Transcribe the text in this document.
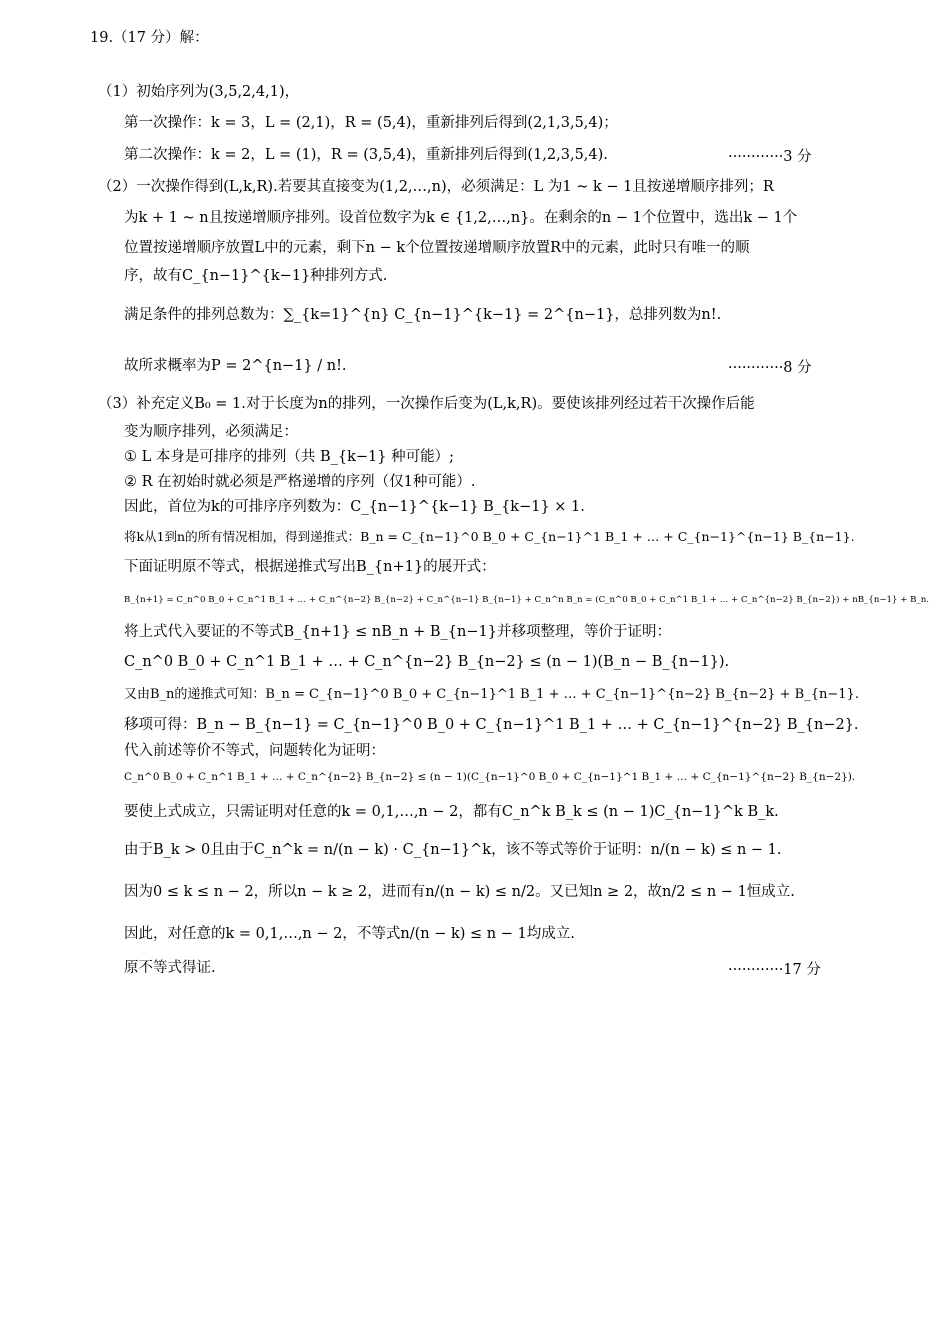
19.（17 分）解：
（1）初始序列为(3,5,2,4,1)，
第一次操作：k = 3，L = (2,1)，R = (5,4)，重新排列后得到(2,1,3,5,4)；
第二次操作：k = 2，L = (1)，R = (3,5,4)，重新排列后得到(1,2,3,5,4).	············3 分
（2）一次操作得到(L,k,R).若要其直接变为(1,2,…,n)，必须满足：L 为1 ~ k − 1且按递增顺序排列；R
为k + 1 ~ n且按递增顺序排列。设首位数字为k ∈ {1,2,…,n}。在剩余的n − 1个位置中，选出k − 1个
位置按递增顺序放置L中的元素，剩下n − k个位置按递增顺序放置R中的元素，此时只有唯一的顺
序，故有C_{n−1}^{k−1}种排列方式.
满足条件的排列总数为：∑_{k=1}^{n} C_{n−1}^{k−1} = 2^{n−1}，总排列数为n!.
故所求概率为P = 2^{n−1} / n!.	············8 分
（3）补充定义B₀ = 1.对于长度为n的排列，一次操作后变为(L,k,R)。要使该排列经过若干次操作后能
变为顺序排列，必须满足：
① L 本身是可排序的排列（共 B_{k−1} 种可能）;
② R 在初始时就必须是严格递增的序列（仅1种可能）.
因此，首位为k的可排序序列数为：C_{n−1}^{k−1} B_{k−1} × 1.
将k从1到n的所有情况相加，得到递推式：B_n = C_{n−1}^0 B_0 + C_{n−1}^1 B_1 + … + C_{n−1}^{n−1} B_{n−1}.
下面证明原不等式，根据递推式写出B_{n+1}的展开式：
B_{n+1} = C_n^0 B_0 + C_n^1 B_1 + … + C_n^{n−2} B_{n−2} + C_n^{n−1} B_{n−1} + C_n^n B_n = (C_n^0 B_0 + C_n^1 B_1 + … + C_n^{n−2} B_{n−2}) + nB_{n−1} + B_n.
将上式代入要证的不等式B_{n+1} ≤ nB_n + B_{n−1}并移项整理，等价于证明：
C_n^0 B_0 + C_n^1 B_1 + … + C_n^{n−2} B_{n−2} ≤ (n − 1)(B_n − B_{n−1}).
又由B_n的递推式可知：B_n = C_{n−1}^0 B_0 + C_{n−1}^1 B_1 + … + C_{n−1}^{n−2} B_{n−2} + B_{n−1}.
移项可得：B_n − B_{n−1} = C_{n−1}^0 B_0 + C_{n−1}^1 B_1 + … + C_{n−1}^{n−2} B_{n−2}.
代入前述等价不等式，问题转化为证明：
C_n^0 B_0 + C_n^1 B_1 + … + C_n^{n−2} B_{n−2} ≤ (n − 1)(C_{n−1}^0 B_0 + C_{n−1}^1 B_1 + … + C_{n−1}^{n−2} B_{n−2}).
要使上式成立，只需证明对任意的k = 0,1,…,n − 2，都有C_n^k B_k ≤ (n − 1)C_{n−1}^k B_k.
由于B_k > 0且由于C_n^k = n/(n − k) · C_{n−1}^k，该不等式等价于证明：n/(n − k) ≤ n − 1.
因为0 ≤ k ≤ n − 2，所以n − k ≥ 2，进而有n/(n − k) ≤ n/2。又已知n ≥ 2，故n/2 ≤ n − 1恒成立.
因此，对任意的k = 0,1,…,n − 2，不等式n/(n − k) ≤ n − 1均成立.
原不等式得证.	············17 分
